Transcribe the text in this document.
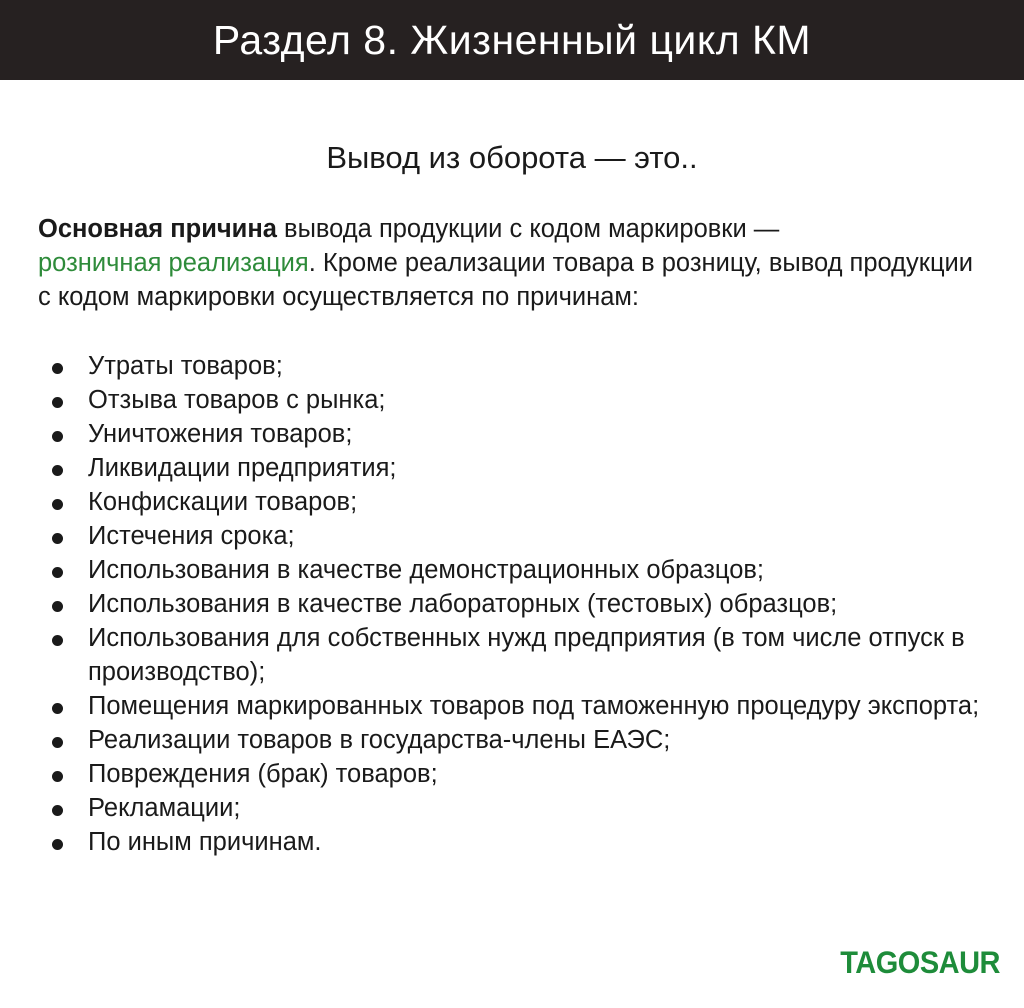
Раздел 8. Жизненный цикл КМ
Вывод из оборота — это..
Основная причина вывода продукции с кодом маркировки —
розничная реализация. Кроме реализации товара в розницу, вывод продукции с кодом маркировки осуществляется по причинам:
Утраты товаров;
Отзыва товаров с рынка;
Уничтожения товаров;
Ликвидации предприятия;
Конфискации товаров;
Истечения срока;
Использования в качестве демонстрационных образцов;
Использования в качестве лабораторных (тестовых) образцов;
Использования для собственных нужд предприятия (в том числе отпуск в производство);
Помещения маркированных товаров под таможенную процедуру экспорта;
Реализации товаров в государства-члены ЕАЭС;
Повреждения (брак) товаров;
Рекламации;
По иным причинам.
TAGOSAUR
